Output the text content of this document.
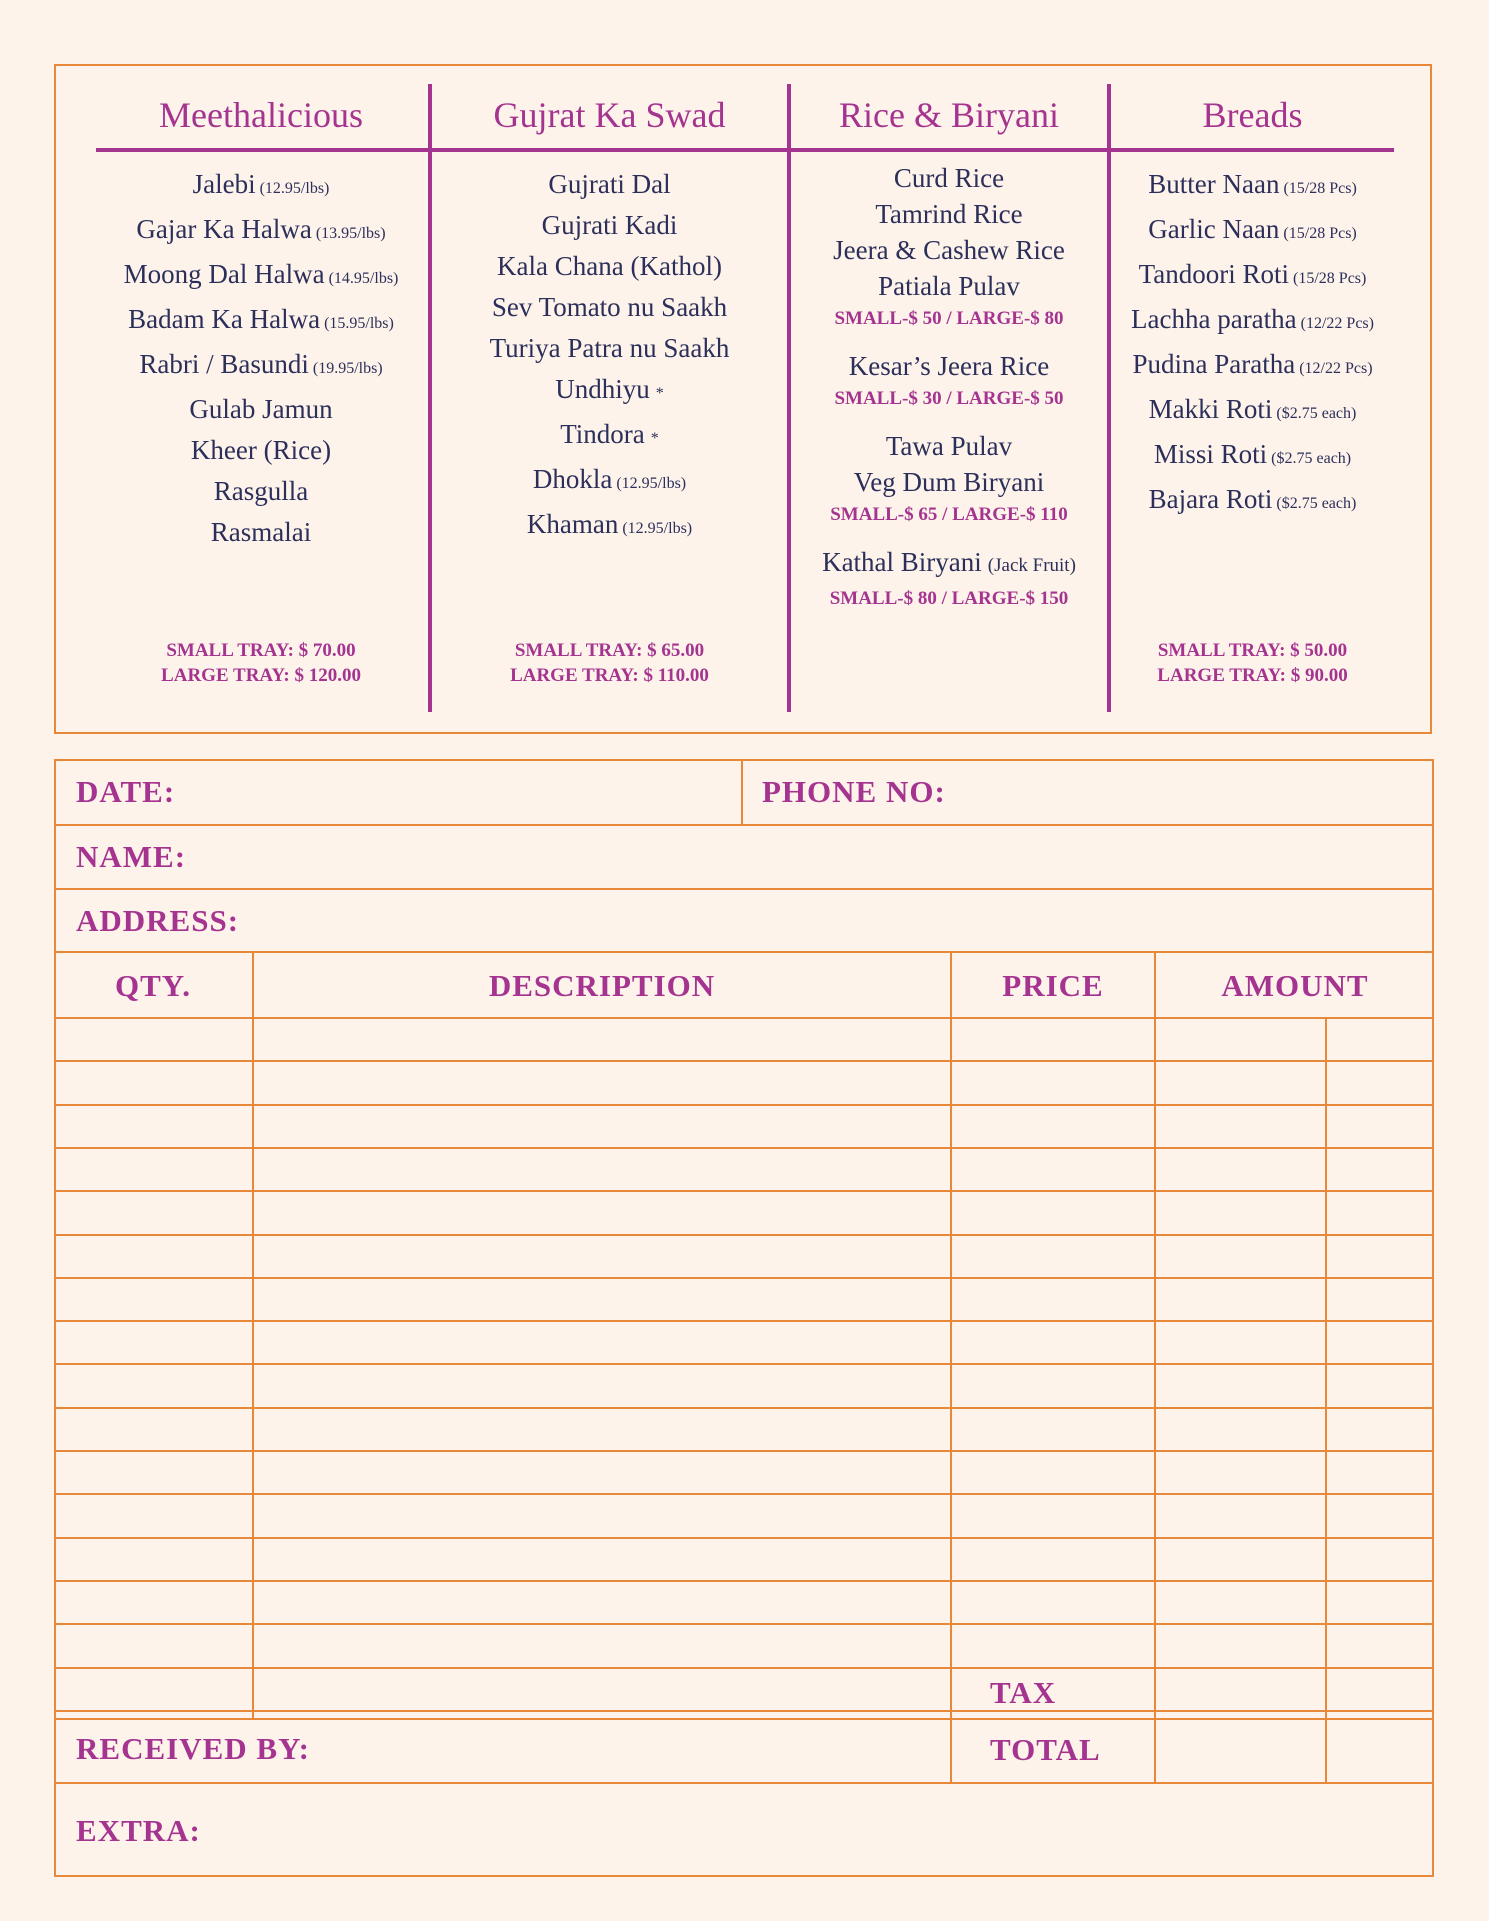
Meethalicious
Jalebi (12.95/lbs)
Gajar Ka Halwa (13.95/lbs)
Moong Dal Halwa (14.95/lbs)
Badam Ka Halwa (15.95/lbs)
Rabri / Basundi (19.95/lbs)
Gulab Jamun
Kheer (Rice)
Rasgulla
Rasmalai
SMALL TRAY: $ 70.00
LARGE TRAY: $ 120.00
Gujrat Ka Swad
Gujrati Dal
Gujrati Kadi
Kala Chana (Kathol)
Sev Tomato nu Saakh
Turiya Patra nu Saakh
Undhiyu *
Tindora *
Dhokla (12.95/lbs)
Khaman (12.95/lbs)
SMALL TRAY: $ 65.00
LARGE TRAY: $ 110.00
Rice & Biryani
Curd Rice
Tamrind Rice
Jeera & Cashew Rice
Patiala Pulav
SMALL-$ 50 / LARGE-$ 80
Kesar’s Jeera Rice
SMALL-$ 30 / LARGE-$ 50
Tawa Pulav
Veg Dum Biryani
SMALL-$ 65 / LARGE-$ 110
Kathal Biryani (Jack Fruit)
SMALL-$ 80 / LARGE-$ 150
Breads
Butter Naan (15/28 Pcs)
Garlic Naan (15/28 Pcs)
Tandoori Roti (15/28 Pcs)
Lachha paratha (12/22 Pcs)
Pudina Paratha (12/22 Pcs)
Makki Roti ($2.75 each)
Missi Roti ($2.75 each)
Bajara Roti ($2.75 each)
SMALL TRAY: $ 50.00
LARGE TRAY: $ 90.00
DATE:	PHONE NO:
NAME:
ADDRESS:
QTY.	DESCRIPTION	PRICE	AMOUNT
TAX
RECEIVED BY:	TOTAL
EXTRA:
